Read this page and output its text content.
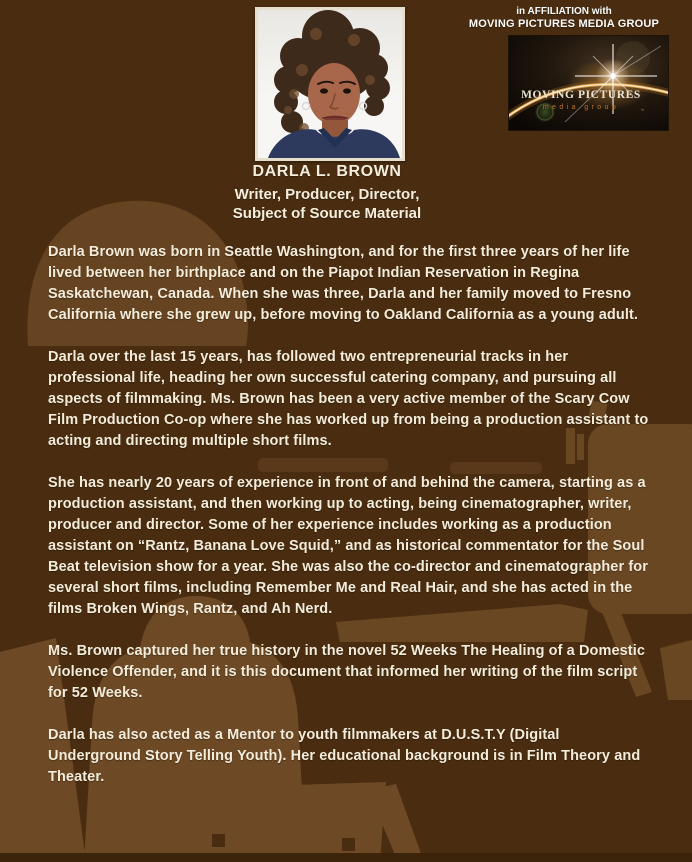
in AFFILIATION with
MOVING PICTURES MEDIA GROUP
MOVING PICTURES
media group	™
DARLA L. BROWN
Writer, Producer, Director,
Subject of Source Material

Darla Brown was born in Seattle Washington, and for the first three years of her life lived between her birthplace and on the Piapot Indian Reservation in Regina Saskatchewan, Canada. When she was three, Darla and her family moved to Fresno California where she grew up, before moving to Oakland California as a young adult.

Darla over the last 15 years, has followed two entrepreneurial tracks in her professional life, heading her own successful catering company, and pursuing all aspects of filmmaking. Ms. Brown has been a very active member of the Scary Cow Film Production Co-op where she has worked up from being a production assistant to acting and directing multiple short films.

She has nearly 20 years of experience in front of and behind the camera, starting as a production assistant, and then working up to acting, being cinematographer, writer, producer and director. Some of her experience includes working as a production assistant on “Rantz, Banana Love Squid,” and as historical commentator for the Soul Beat television show for a year. She was also the co-director and cinematographer for several short films, including Remember Me and Real Hair, and she has acted in the films Broken Wings, Rantz, and Ah Nerd.

Ms. Brown captured her true history in the novel 52 Weeks The Healing of a Domestic Violence Offender, and it is this document that informed her writing of the film script for 52 Weeks.

Darla has also acted as a Mentor to youth filmmakers at D.U.S.T.Y (Digital Underground Story Telling Youth). Her educational background is in Film Theory and Theater.
